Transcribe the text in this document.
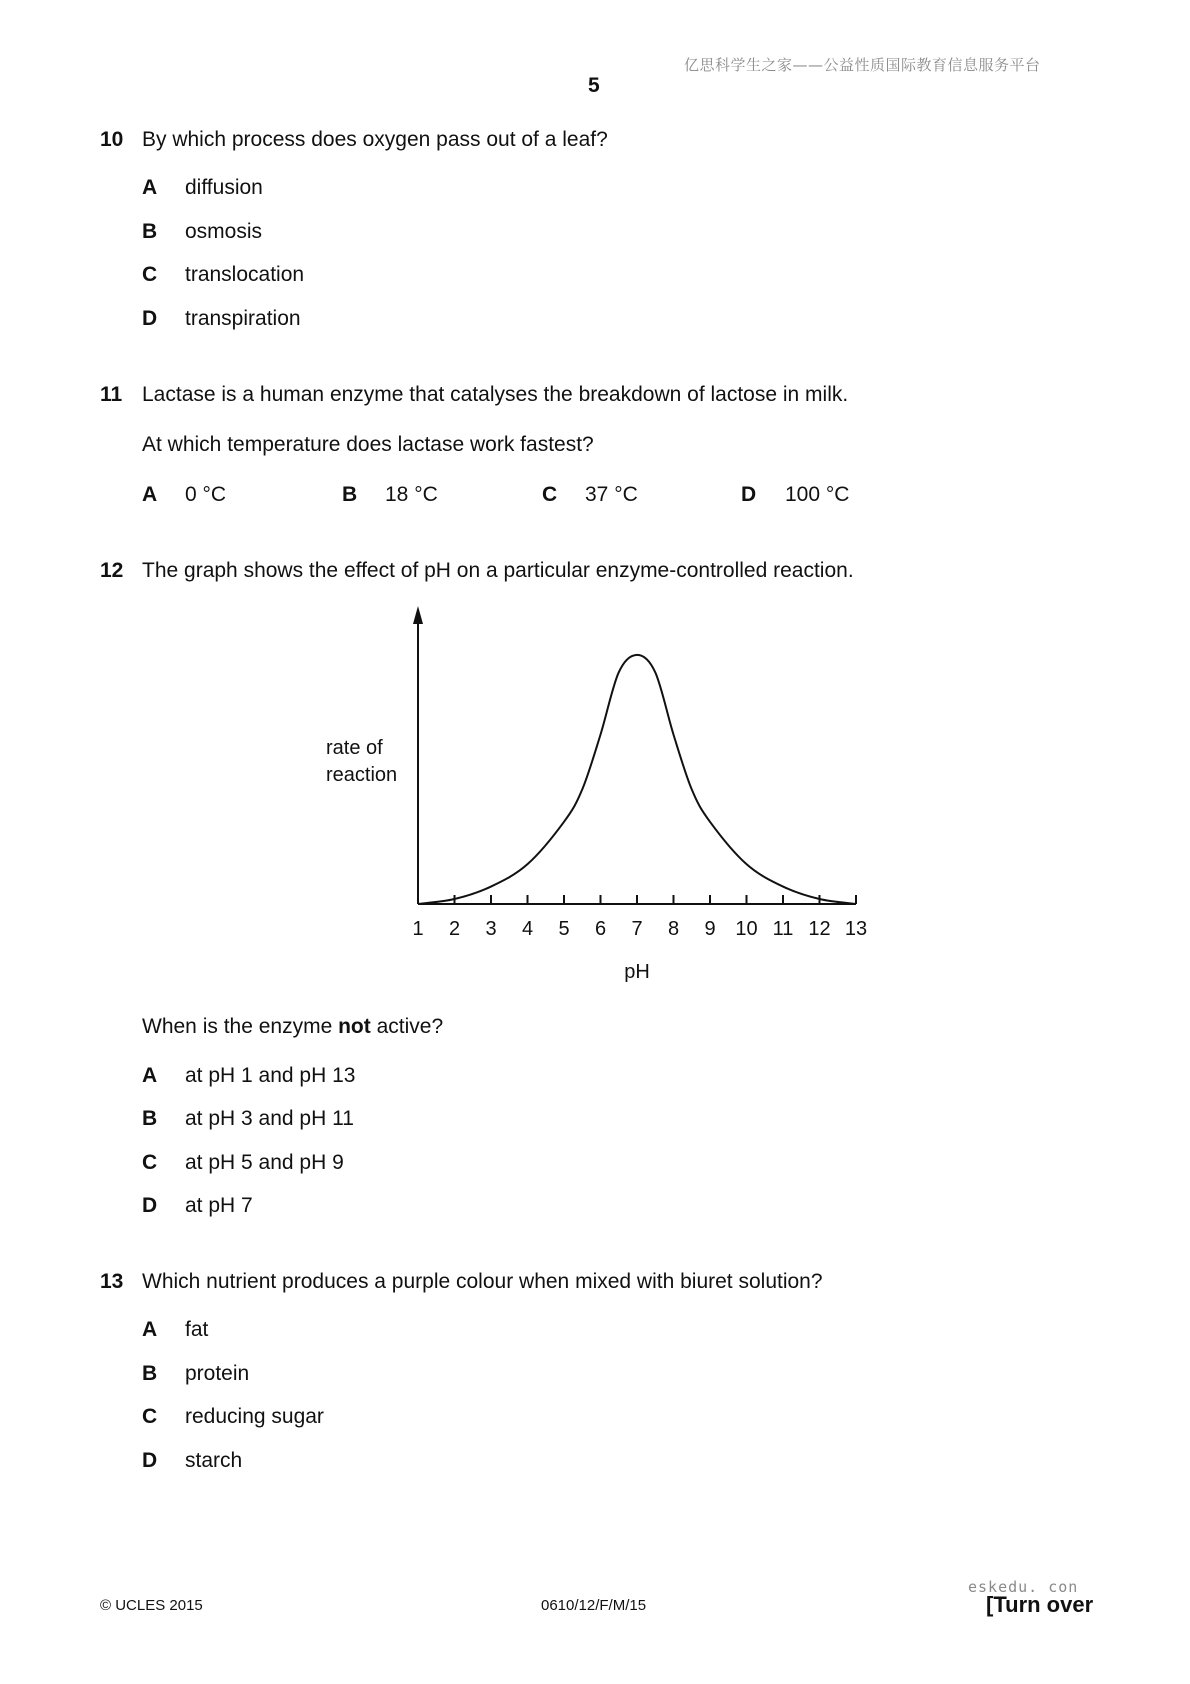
亿思科学生之家——公益性质国际教育信息服务平台
5
10 By which process does oxygen pass out of a leaf?
A diffusion
B osmosis
C translocation
D transpiration
11 Lactase is a human enzyme that catalyses the breakdown of lactose in milk.
At which temperature does lactase work fastest?
A 0 °C	B 18 °C	C 37 °C	D 100 °C
12 The graph shows the effect of pH on a particular enzyme-controlled reaction.
1 2 3 4 5 6 7 8 9 10 11 12 13
pH
rate of
reaction
When is the enzyme not active?
A at pH 1 and pH 13
B at pH 3 and pH 11
C at pH 5 and pH 9
D at pH 7
13 Which nutrient produces a purple colour when mixed with biuret solution?
A fat
B protein
C reducing sugar
D starch
eskedu. con
© UCLES 2015	0610/12/F/M/15	[Turn over
